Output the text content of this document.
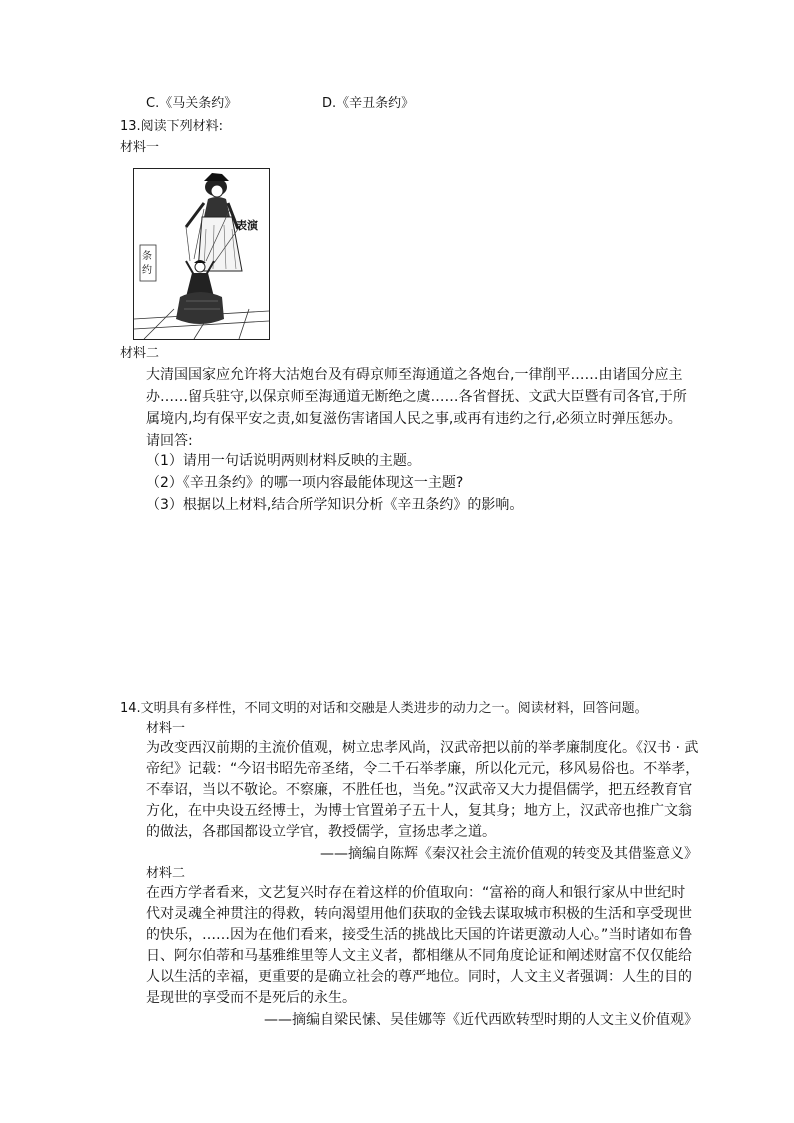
C.《马关条约》	D.《辛丑条约》
13.阅读下列材料:
材料一
表演
条
约
材料二
大清国国家应允许将大沽炮台及有碍京师至海通道之各炮台,一律削平……由诸国分应主
办……留兵驻守,以保京师至海通道无断绝之虞……各省督抚、文武大臣暨有司各官,于所
属境内,均有保平安之责,如复滋伤害诸国人民之事,或再有违约之行,必须立时弹压惩办。
请回答:
（1）请用一句话说明两则材料反映的主题。
（2）《辛丑条约》的哪一项内容最能体现这一主题?
（3）根据以上材料,结合所学知识分析《辛丑条约》的影响。
14.文明具有多样性，不同文明的对话和交融是人类进步的动力之一。阅读材料，回答问题。
材料一
为改变西汉前期的主流价值观，树立忠孝风尚，汉武帝把以前的举孝廉制度化。《汉书 · 武
帝纪》记载：“今诏书昭先帝圣绪，令二千石举孝廉，所以化元元，移风易俗也。不举孝，
不奉诏，当以不敬论。不察廉，不胜任也，当免。”汉武帝又大力提倡儒学，把五经教育官
方化，在中央设五经博士，为博士官置弟子五十人，复其身；地方上，汉武帝也推广文翁
的做法，各郡国都设立学官，教授儒学，宣扬忠孝之道。
——摘编自陈辉《秦汉社会主流价值观的转变及其借鉴意义》
材料二
在西方学者看来，文艺复兴时存在着这样的价值取向：“富裕的商人和银行家从中世纪时
代对灵魂全神贯注的得救，转向渴望用他们获取的金钱去谋取城市积极的生活和享受现世
的快乐，……因为在他们看来，接受生活的挑战比天国的许诺更激动人心。”当时诸如布鲁
日、阿尔伯蒂和马基雅维里等人文主义者，都相继从不同角度论证和阐述财富不仅仅能给
人以生活的幸福，更重要的是确立社会的尊严地位。同时，人文主义者强调：人生的目的
是现世的享受而不是死后的永生。
——摘编自梁民愫、吴佳娜等《近代西欧转型时期的人文主义价值观》
